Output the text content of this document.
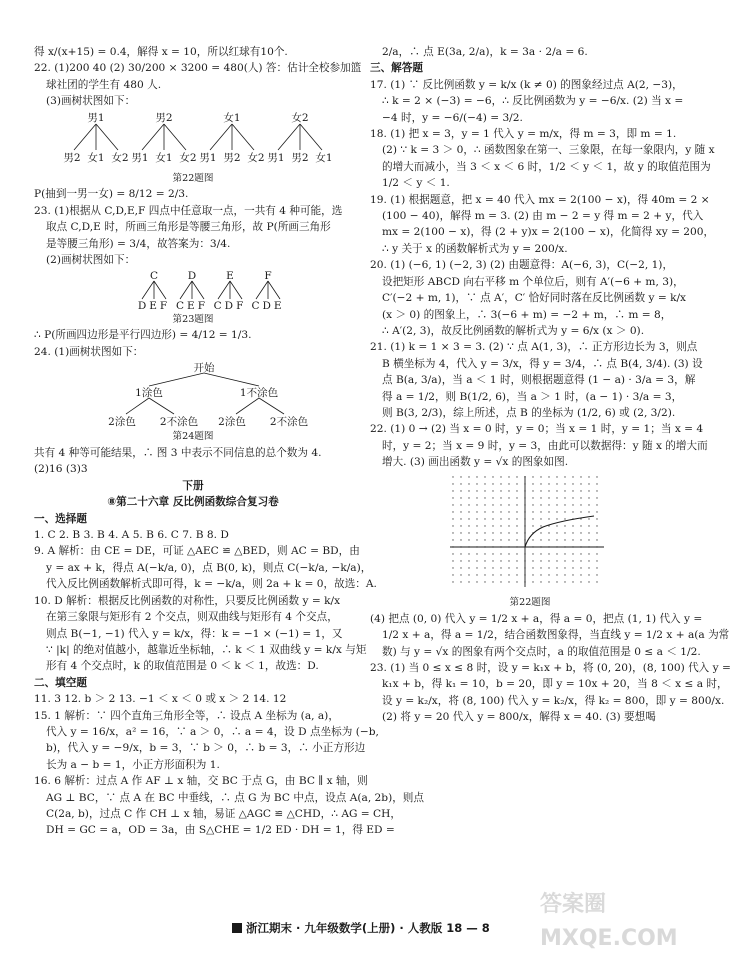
得 x/(x+15) = 0.4，解得 x = 10，所以红球有10个.
22. (1)200 40 (2) 30/200 × 3200 = 480(人) 答：估计全校参加篮
球社团的学生有 480 人.
(3)画树状图如下：
男1	男2	女1	女2
男2 女1 女2 男1 女1 女2 男1 男2 女2 男1 男2 女1
第22题图
P(抽到一男一女) = 8/12 = 2/3.
23. (1)根据从 C,D,E,F 四点中任意取一点，一共有 4 种可能，选
取点 C,D,E 时，所画三角形是等腰三角形，故 P(所画三角形
是等腰三角形) = 3/4，故答案为：3/4.
(2)画树状图如下：
C	D	E	F
DEF CEF CDF CDE
第23题图
∴ P(所画四边形是平行四边形) = 4/12 = 1/3.
24. (1)画树状图如下：
开始
1涂色	1不涂色
2涂色 2不涂色 2涂色 2不涂色
第24题图
共有 4 种等可能结果，∴ 图 3 中表示不同信息的总个数为 4.
(2)16 (3)3
下册
⑧第二十六章 反比例函数综合复习卷
一、选择题
1. C 2. B 3. B 4. A 5. B 6. C 7. B 8. D
9. A 解析：由 CE = DE，可证 △AEC ≌ △BED，则 AC = BD，由
y = ax + k，得点 A(−k/a, 0)，点 B(0, k)，则点 C(−k/a, −k/a)，
代入反比例函数解析式即可得，k = −k/a，则 2a + k = 0，故选：A.
10. D 解析：根据反比例函数的对称性，只要反比例函数 y = k/x
在第三象限与矩形有 2 个交点，则双曲线与矩形有 4 个交点，
则点 B(−1, −1) 代入 y = k/x，得：k = −1 × (−1) = 1，又
∵ |k| 的绝对值越小，越靠近坐标轴，∴ k ＜ 1 双曲线 y = k/x 与矩
形有 4 个交点时，k 的取值范围是 0 ＜ k ＜ 1，故选：D.
二、填空题
11. 3 12. b ＞ 2 13. −1 ＜ x ＜ 0 或 x ＞ 2 14. 12
15. 1 解析：∵ 四个直角三角形全等，∴ 设点 A 坐标为 (a, a)，
代入 y = 16/x，a² = 16，∵ a ＞ 0，∴ a = 4，设 D 点坐标为 (−b,
b)，代入 y = −9/x，b = 3，∵ b ＞ 0，∴ b = 3，∴ 小正方形边
长为 a − b = 1，小正方形面积为 1.
16. 6 解析：过点 A 作 AF ⊥ x 轴，交 BC 于点 G，由 BC ∥ x 轴，则
AG ⊥ BC，∵ 点 A 在 BC 中垂线，∴ 点 G 为 BC 中点，设点 A(a, 2b)，则点
C(2a, b)，过点 C 作 CH ⊥ x 轴，易证 △AGC ≌ △CHD，∴ AG = CH，
DH = GC = a，OD = 3a，由 S△CHE = 1/2 ED · DH = 1，得 ED =
2/a，∴ 点 E(3a, 2/a)，k = 3a · 2/a = 6.
三、解答题
17. (1) ∵ 反比例函数 y = k/x (k ≠ 0) 的图象经过点 A(2, −3)，
∴ k = 2 × (−3) = −6，∴ 反比例函数为 y = −6/x. (2) 当 x =
−4 时，y = −6/(−4) = 3/2.
18. (1) 把 x = 3，y = 1 代入 y = m/x，得 m = 3，即 m = 1.
(2) ∵ k = 3 ＞ 0，∴ 函数图象在第一、三象限，在每一象限内，y 随 x
的增大而减小，当 3 ＜ x ＜ 6 时，1/2 ＜ y ＜ 1，故 y 的取值范围为
1/2 ＜ y ＜ 1.
19. (1) 根据题意，把 x = 40 代入 mx = 2(100 − x)，得 40m = 2 ×
(100 − 40)，解得 m = 3. (2) 由 m − 2 = y 得 m = 2 + y，代入
mx = 2(100 − x)，得 (2 + y)x = 2(100 − x)，化简得 xy = 200，
∴ y 关于 x 的函数解析式为 y = 200/x.
20. (1) (−6, 1) (−2, 3) (2) 由题意得：A(−6, 3)，C(−2, 1)，
设把矩形 ABCD 向右平移 m 个单位后，则有 A′(−6 + m, 3)，
C′(−2 + m, 1)，∵ 点 A′，C′ 恰好同时落在反比例函数 y = k/x
(x ＞ 0) 的图象上，∴ 3(−6 + m) = −2 + m，∴ m = 8，
∴ A′(2, 3)，故反比例函数的解析式为 y = 6/x (x ＞ 0).
21. (1) k = 1 × 3 = 3. (2) ∵ 点 A(1, 3)，∴ 正方形边长为 3，则点
B 横坐标为 4，代入 y = 3/x，得 y = 3/4，∴ 点 B(4, 3/4). (3) 设
点 B(a, 3/a)，当 a ＜ 1 时，则根据题意得 (1 − a) · 3/a = 3，解
得 a = 1/2，则 B(1/2, 6)，当 a ＞ 1 时，(a − 1) · 3/a = 3，
则 B(3, 2/3)，综上所述，点 B 的坐标为 (1/2, 6) 或 (2, 3/2).
22. (1) 0 → (2) 当 x = 0 时，y = 0；当 x = 1 时，y = 1；当 x = 4
时，y = 2；当 x = 9 时，y = 3，由此可以数据得：y 随 x 的增大而
增大. (3) 画出函数 y = √x 的图象如图.
第22题图
(4) 把点 (0, 0) 代入 y = 1/2 x + a，得 a = 0，把点 (1, 1) 代入 y =
1/2 x + a，得 a = 1/2，结合函数图象得，当直线 y = 1/2 x + a(a 为常
数) 与 y = √x 的图象有两个交点时，a 的取值范围是 0 ≤ a ＜ 1/2.
23. (1) 当 0 ≤ x ≤ 8 时，设 y = k₁x + b，将 (0, 20)，(8, 100) 代入 y =
k₁x + b，得 k₁ = 10，b = 20，即 y = 10x + 20，当 8 ＜ x ≤ a 时，
设 y = k₂/x，将 (8, 100) 代入 y = k₂/x，得 k₂ = 800，即 y = 800/x.
(2) 将 y = 20 代入 y = 800/x，解得 x = 40. (3) 要想喝
答案圈 MXQE.COM
浙江期末 · 九年级数学(上册) · 人教版 18 — 8
